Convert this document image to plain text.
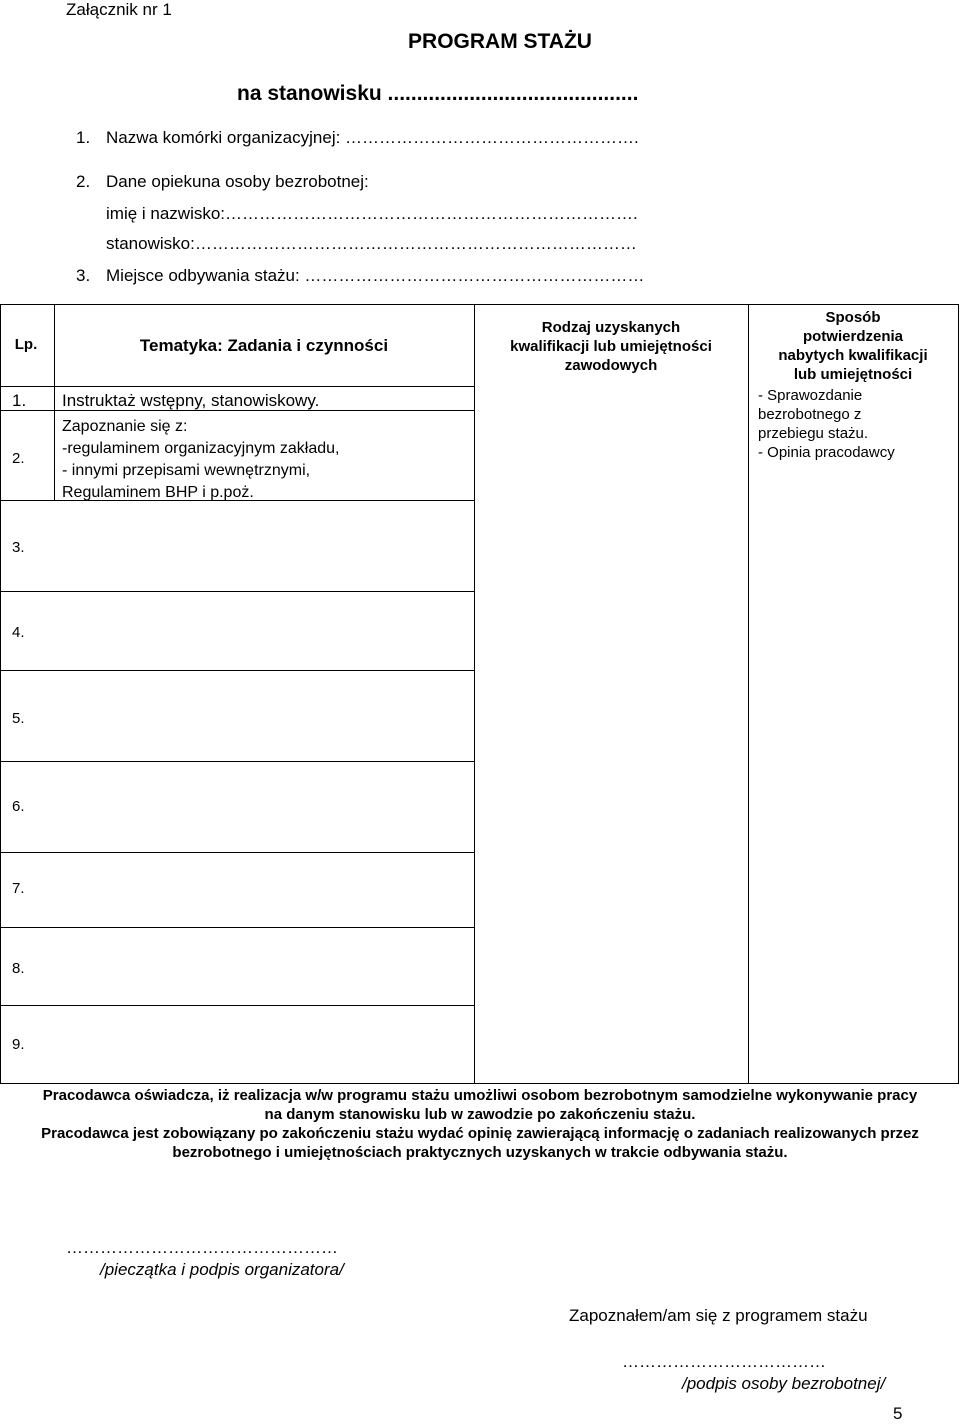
Załącznik nr 1
PROGRAM STAŻU
na stanowisku ...........................................
1. Nazwa komórki organizacyjnej: …………………………………………….
2. Dane opiekuna osoby bezrobotnej:
imię i nazwisko:……………………………………………………………….
stanowisko:……………………………………………………………………
3. Miejsce odbywania stażu: ……………………………………………………
Lp.	Tematyka: Zadania i czynności
Rodzaj uzyskanych
kwalifikacji lub umiejętności
zawodowych
Sposób
potwierdzenia
nabytych kwalifikacji
lub umiejętności
1. Instruktaż wstępny, stanowiskowy.
2.
Zapoznanie się z:
-regulaminem organizacyjnym zakładu,
- innymi przepisami wewnętrznymi,
Regulaminem BHP i p.poż.
- Sprawozdanie
bezrobotnego z
przebiegu stażu.
- Opinia pracodawcy
3.
4.
5.
6.
7.
8.
9.

Pracodawca oświadcza, iż realizacja w/w programu stażu umożliwi osobom bezrobotnym samodzielne wykonywanie pracy na danym stanowisku lub w zawodzie po zakończeniu stażu.

Pracodawca jest zobowiązany po zakończeniu stażu wydać opinię zawierającą informację o zadaniach realizowanych przez bezrobotnego i umiejętnościach praktycznych uzyskanych w trakcie odbywania stażu.

…………………………………………
/pieczątka i podpis organizatora/
Zapoznałem/am się z programem stażu
………………………………
/podpis osoby bezrobotnej/
5
